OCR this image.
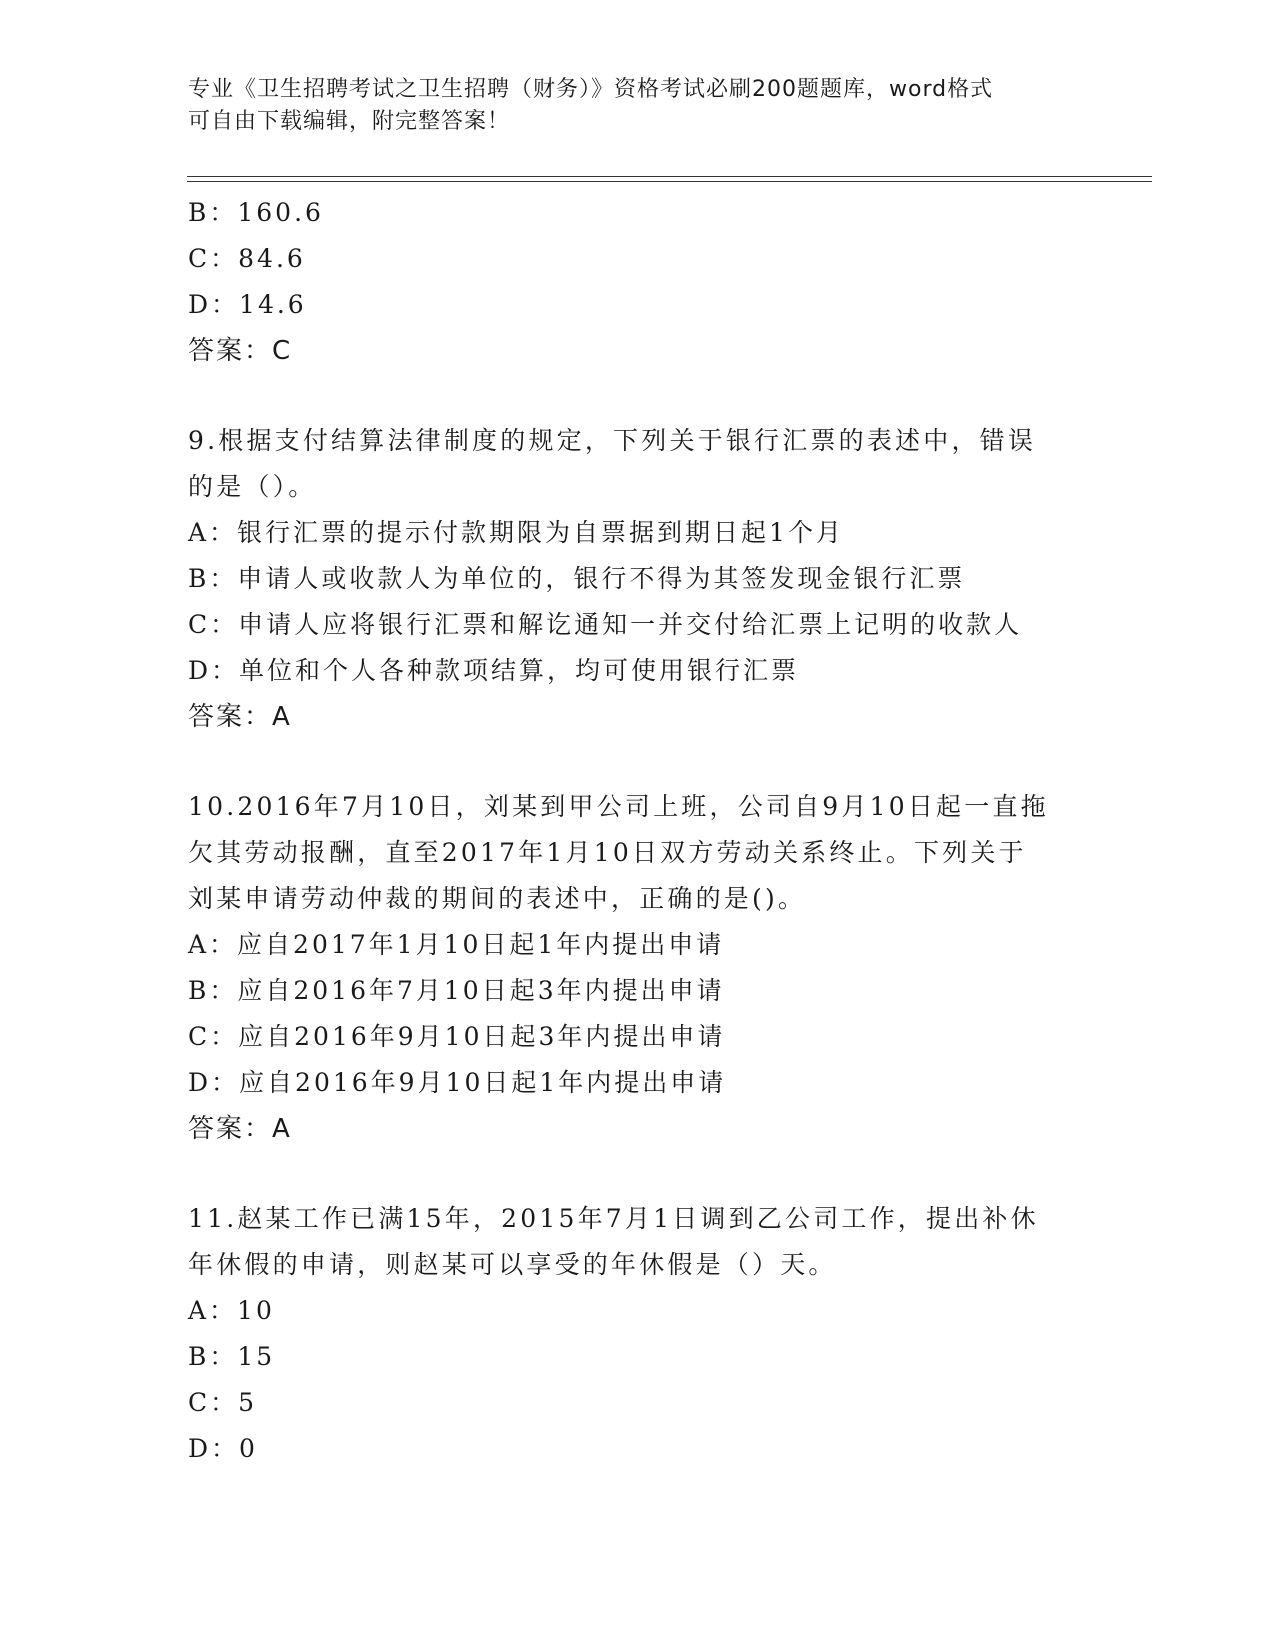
专业《卫生招聘考试之卫生招聘（财务）》资格考试必刷200题题库，word格式
可自由下载编辑，附完整答案！
B：160.6
C：84.6
D：14.6
答案：C
9.根据支付结算法律制度的规定，下列关于银行汇票的表述中，错误
的是（）。
A：银行汇票的提示付款期限为自票据到期日起1个月
B：申请人或收款人为单位的，银行不得为其签发现金银行汇票
C：申请人应将银行汇票和解讫通知一并交付给汇票上记明的收款人
D：单位和个人各种款项结算，均可使用银行汇票
答案：A
10.2016年7月10日，刘某到甲公司上班，公司自9月10日起一直拖
欠其劳动报酬，直至2017年1月10日双方劳动关系终止。下列关于
刘某申请劳动仲裁的期间的表述中，正确的是()。
A：应自2017年1月10日起1年内提出申请
B：应自2016年7月10日起3年内提出申请
C：应自2016年9月10日起3年内提出申请
D：应自2016年9月10日起1年内提出申请
答案：A
11.赵某工作已满15年，2015年7月1日调到乙公司工作，提出补休
年休假的申请，则赵某可以享受的年休假是（）天。
A：10
B：15
C：5
D：0
